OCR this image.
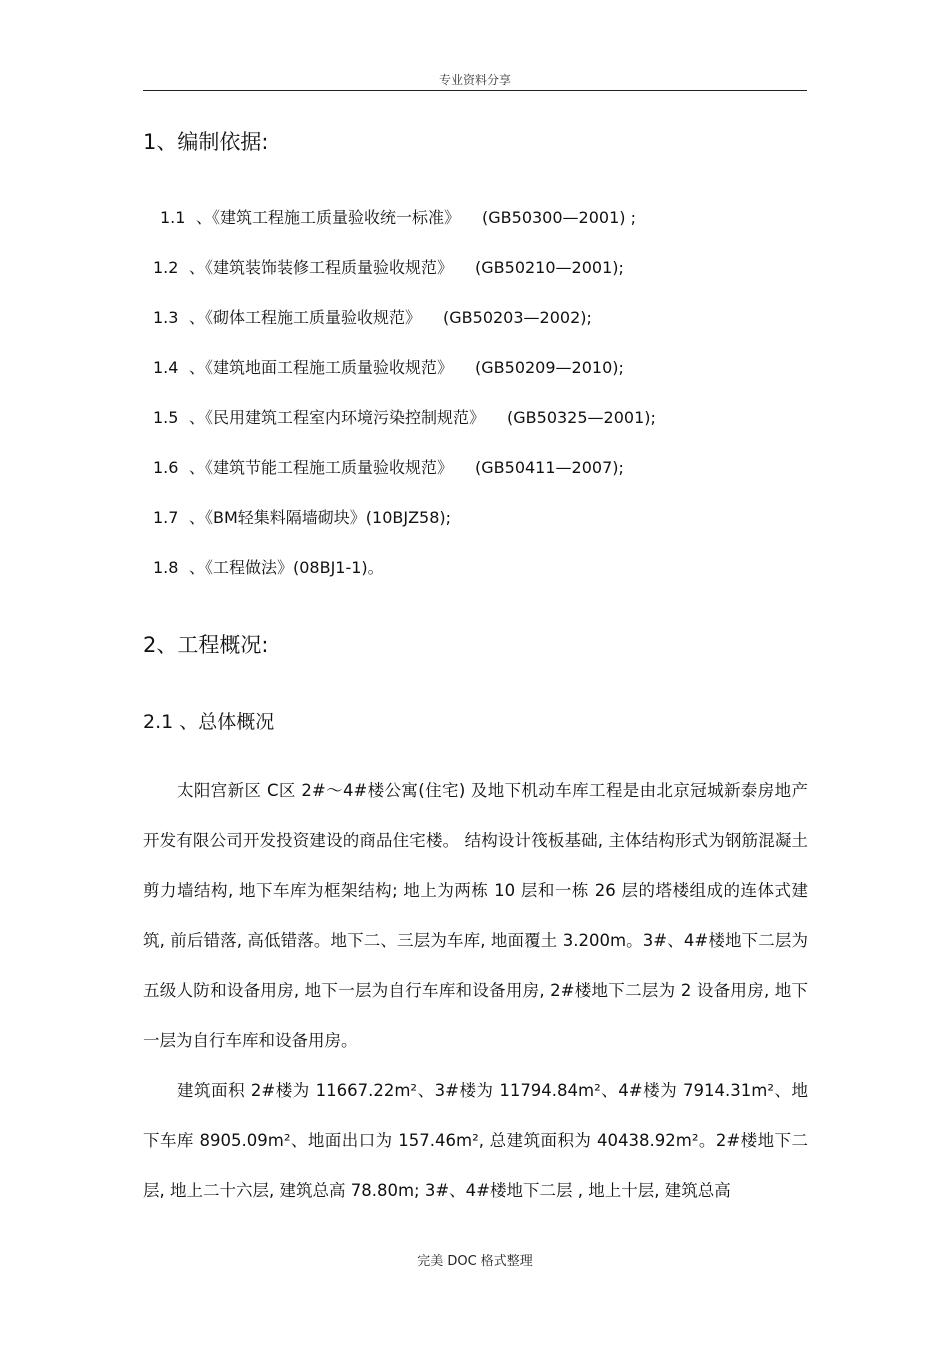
专业资料分享
1、编制依据:
1.1 、《建筑工程施工质量验收统一标准》 (GB50300—2001) ;
1.2 、《建筑装饰装修工程质量验收规范》 (GB50210—2001);
1.3 、《砌体工程施工质量验收规范》 (GB50203—2002);
1.4 、《建筑地面工程施工质量验收规范》 (GB50209—2010);
1.5 、《民用建筑工程室内环境污染控制规范》 (GB50325—2001);
1.6 、《建筑节能工程施工质量验收规范》 (GB50411—2007);
1.7 、《BM轻集料隔墙砌块》(10BJZ58);
1.8 、《工程做法》(08BJ1-1)。
2、工程概况:
2.1 、总体概况

太阳宫新区 C区 2#～4#楼公寓(住宅) 及地下机动车库工程是由北京冠城新泰房地产开发有限公司开发投资建设的商品住宅楼。 结构设计筏板基础, 主体结构形式为钢筋混凝土剪力墙结构, 地下车库为框架结构; 地上为两栋 10 层和一栋 26 层的塔楼组成的连体式建筑, 前后错落, 高低错落。地下二、三层为车库, 地面覆土 3.200m。3#、4#楼地下二层为五级人防和设备用房, 地下一层为自行车库和设备用房, 2#楼地下二层为 2 设备用房, 地下一层为自行车库和设备用房。

建筑面积 2#楼为 11667.22m²、3#楼为 11794.84m²、4#楼为 7914.31m²、地下车库 8905.09m²、地面出口为 157.46m², 总建筑面积为 40438.92m²。2#楼地下二层, 地上二十六层, 建筑总高 78.80m; 3#、4#楼地下二层 , 地上十层, 建筑总高

完美 DOC 格式整理
